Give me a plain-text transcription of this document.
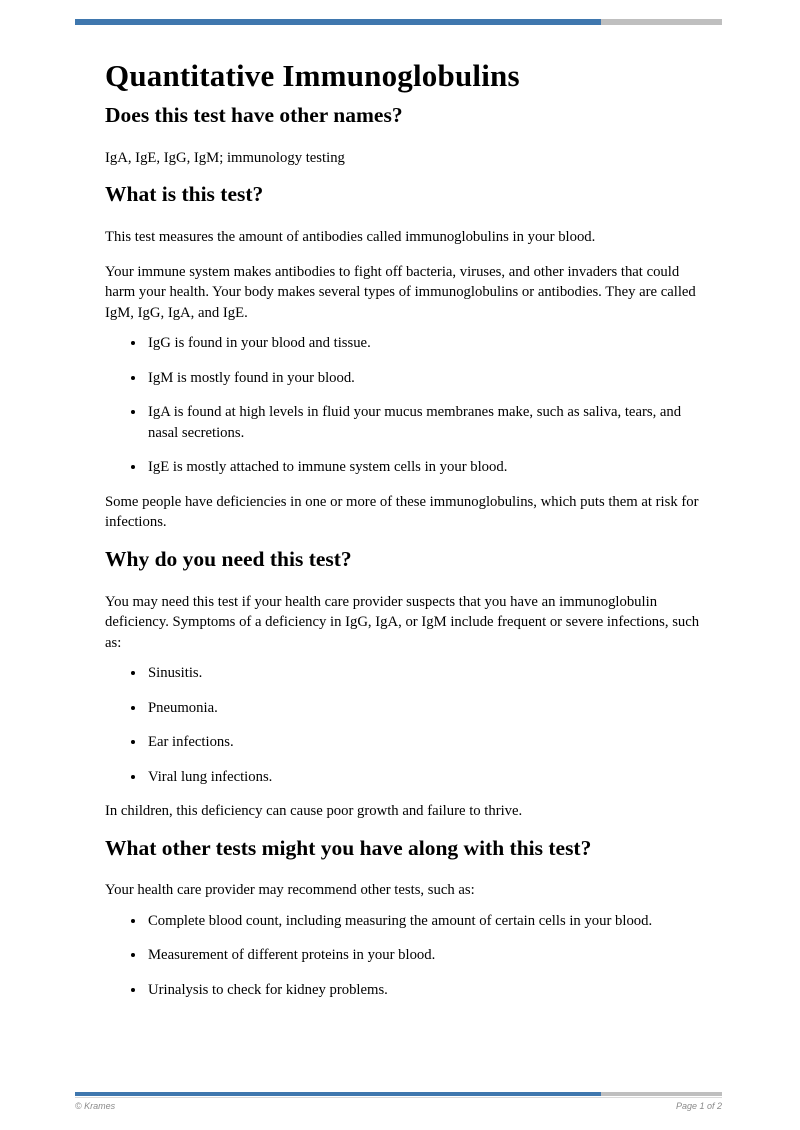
Quantitative Immunoglobulins
Does this test have other names?

IgA, IgE, IgG, IgM; immunology testing

What is this test?

This test measures the amount of antibodies called immunoglobulins in your blood.

Your immune system makes antibodies to fight off bacteria, viruses, and other invaders that could harm your health. Your body makes several types of immunoglobulins or antibodies. They are called IgM, IgG, IgA, and IgE.

• IgG is found in your blood and tissue.
• IgM is mostly found in your blood.
• IgA is found at high levels in fluid your mucus membranes make, such as saliva, tears, and nasal secretions.
• IgE is mostly attached to immune system cells in your blood.

Some people have deficiencies in one or more of these immunoglobulins, which puts them at risk for infections.

Why do you need this test?

You may need this test if your health care provider suspects that you have an immunoglobulin deficiency. Symptoms of a deficiency in IgG, IgA, or IgM include frequent or severe infections, such as:

• Sinusitis.
• Pneumonia.
• Ear infections.
• Viral lung infections.

In children, this deficiency can cause poor growth and failure to thrive.

What other tests might you have along with this test?

Your health care provider may recommend other tests, such as:

• Complete blood count, including measuring the amount of certain cells in your blood.
• Measurement of different proteins in your blood.
• Urinalysis to check for kidney problems.
© Krames	Page 1 of 2
